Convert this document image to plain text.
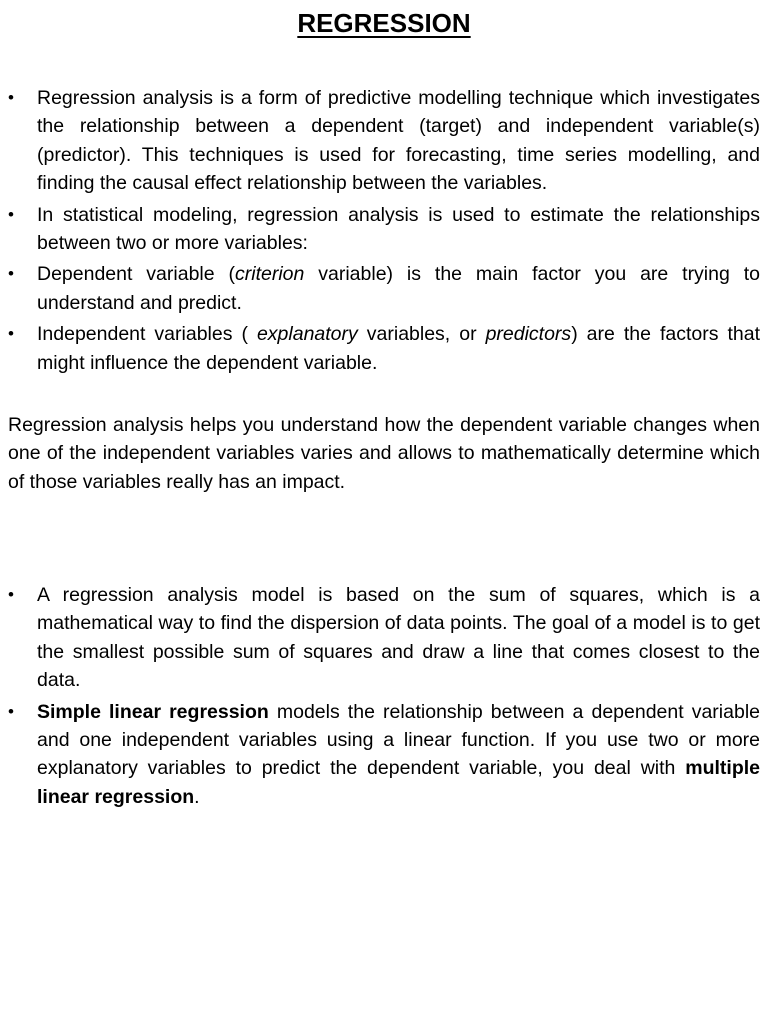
REGRESSION
• Regression analysis is a form of predictive modelling technique which investigates the relationship between a dependent (target) and independent variable(s) (predictor). This techniques is used for forecasting, time series modelling, and finding the causal effect relationship between the variables.
• In statistical modeling, regression analysis is used to estimate the relationships between two or more variables:
• Dependent variable (criterion variable) is the main factor you are trying to understand and predict.
• Independent variables ( explanatory variables, or predictors) are the factors that might influence the dependent variable.

Regression analysis helps you understand how the dependent variable changes when one of the independent variables varies and allows to mathematically determine which of those variables really has an impact.

• A regression analysis model is based on the sum of squares, which is a mathematical way to find the dispersion of data points. The goal of a model is to get the smallest possible sum of squares and draw a line that comes closest to the data.
• Simple linear regression models the relationship between a dependent variable and one independent variables using a linear function. If you use two or more explanatory variables to predict the dependent variable, you deal with multiple linear regression.
